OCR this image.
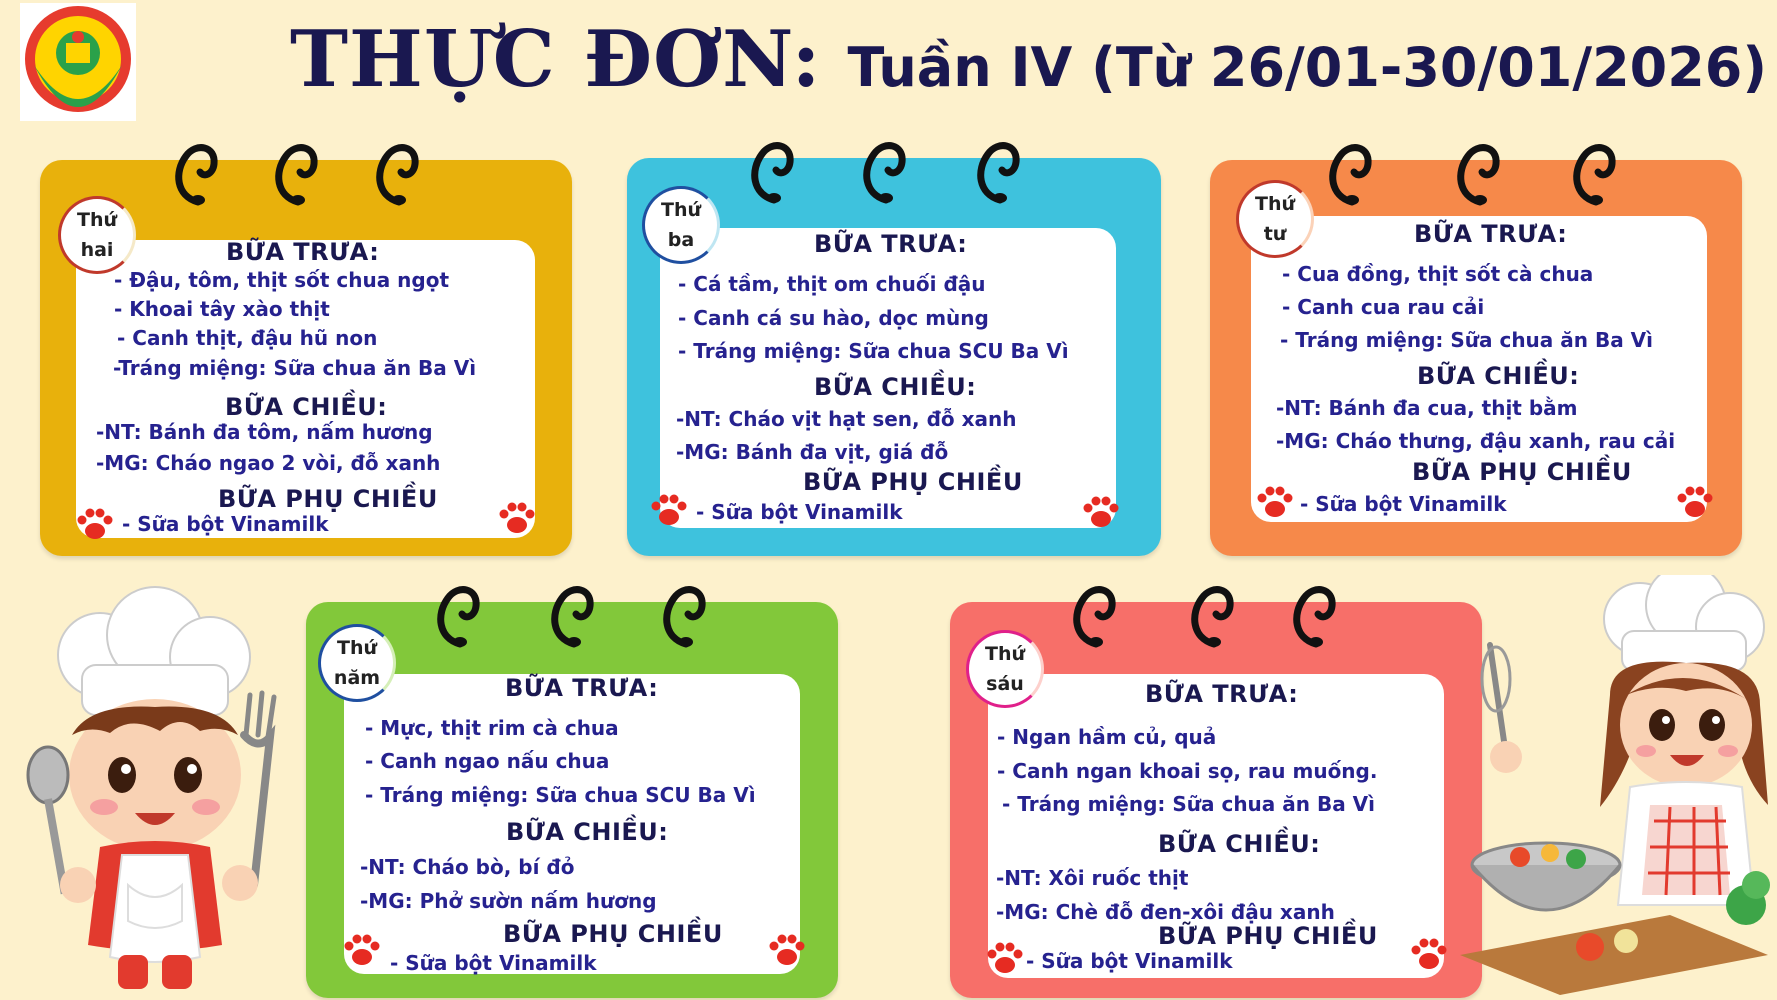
THỰC ĐƠN: Tuần IV (Từ 26/01-30/01/2026)
Thứ
hai	BỮA TRƯA:
- Đậu, tôm, thịt sốt chua ngọt
- Khoai tây xào thịt
- Canh thịt, đậu hũ non
-Tráng miệng: Sữa chua ăn Ba Vì
BỮA CHIỀU:
-NT: Bánh đa tôm, nấm hương
-MG: Cháo ngao 2 vòi, đỗ xanh
BỮA PHỤ CHIỀU
- Sữa bột Vinamilk
Thứ
ba	BỮA TRƯA:
- Cá tầm, thịt om chuối đậu
- Canh cá su hào, dọc mùng
- Tráng miệng: Sữa chua SCU Ba Vì
BỮA CHIỀU:
-NT: Cháo vịt hạt sen, đỗ xanh
-MG: Bánh đa vịt, giá đỗ
BỮA PHỤ CHIỀU
- Sữa bột Vinamilk
Thứ
tư	BỮA TRƯA:
- Cua đồng, thịt sốt cà chua
- Canh cua rau cải
- Tráng miệng: Sữa chua ăn Ba Vì
BỮA CHIỀU:
-NT: Bánh đa cua, thịt bằm
-MG: Cháo thưng, đậu xanh, rau cải
BỮA PHỤ CHIỀU
- Sữa bột Vinamilk
Thứ
năm	BỮA TRƯA:
- Mực, thịt rim cà chua
- Canh ngao nấu chua
- Tráng miệng: Sữa chua SCU Ba Vì
BỮA CHIỀU:
-NT: Cháo bò, bí đỏ
-MG: Phở sườn nấm hương
BỮA PHỤ CHIỀU
- Sữa bột Vinamilk
Thứ
sáu	BỮA TRƯA:
- Ngan hầm củ, quả
- Canh ngan khoai sọ, rau muống.
- Tráng miệng: Sữa chua ăn Ba Vì
BỮA CHIỀU:
-NT: Xôi ruốc thịt
-MG: Chè đỗ đen-xôi đậu xanh
BỮA PHỤ CHIỀU
- Sữa bột Vinamilk
